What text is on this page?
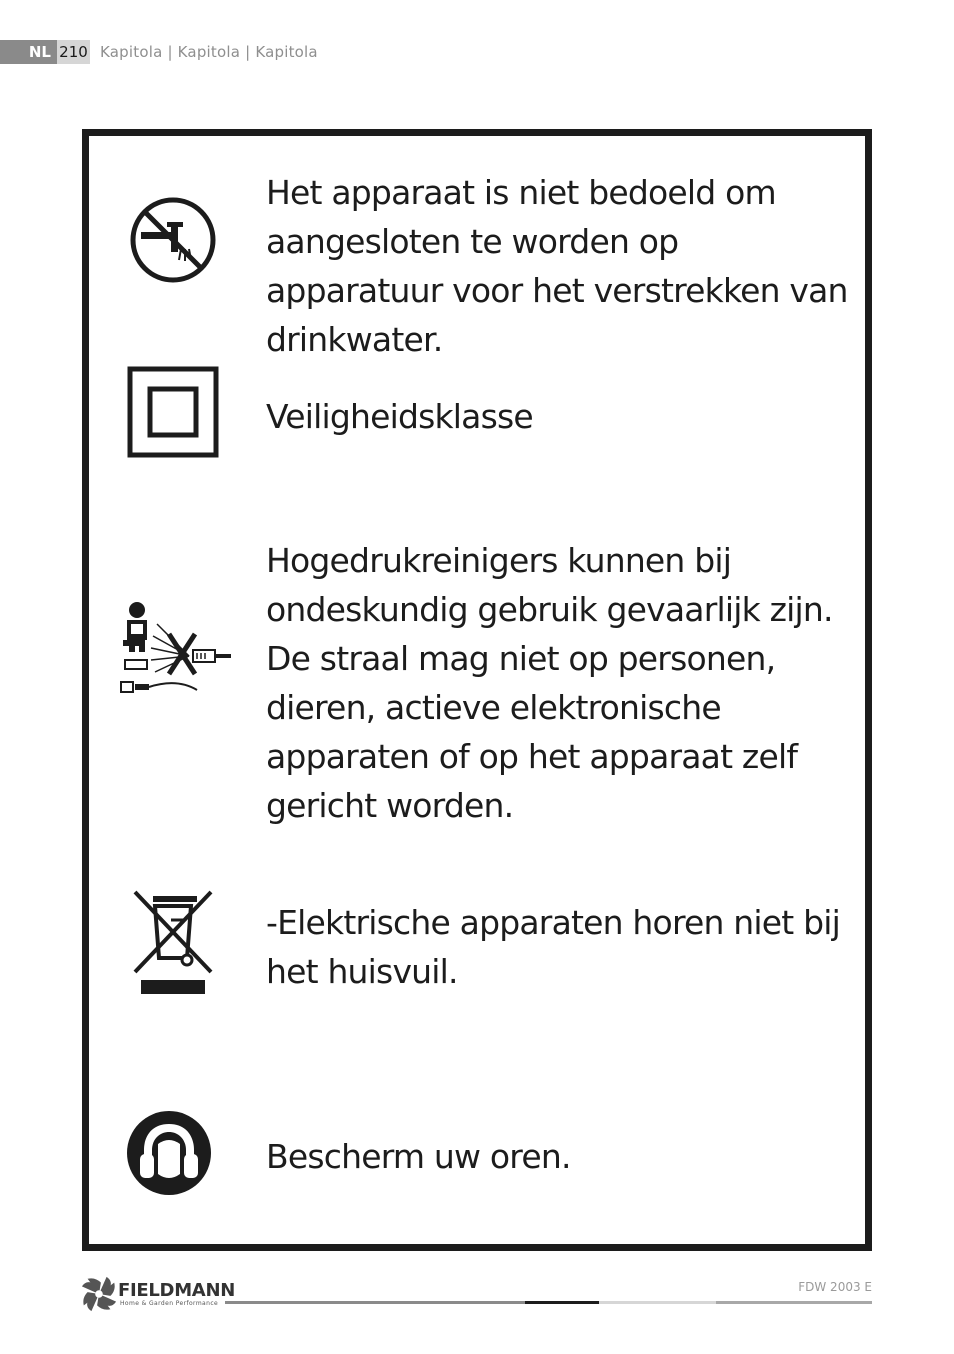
NL 210 Kapitola | Kapitola | Kapitola
Het apparaat is niet bedoeld om aangesloten te worden op apparatuur voor het verstrekken van drinkwater.
Veiligheidsklasse
Hogedrukreinigers kunnen bij ondeskundig gebruik gevaarlijk zijn. De straal mag niet op personen, dieren, actieve elektronische apparaten of op het apparaat zelf gericht worden.
-Elektrische apparaten horen niet bij het huisvuil.
Bescherm uw oren.
FIELDMANN
Home & Garden Performance
FDW 2003 E
